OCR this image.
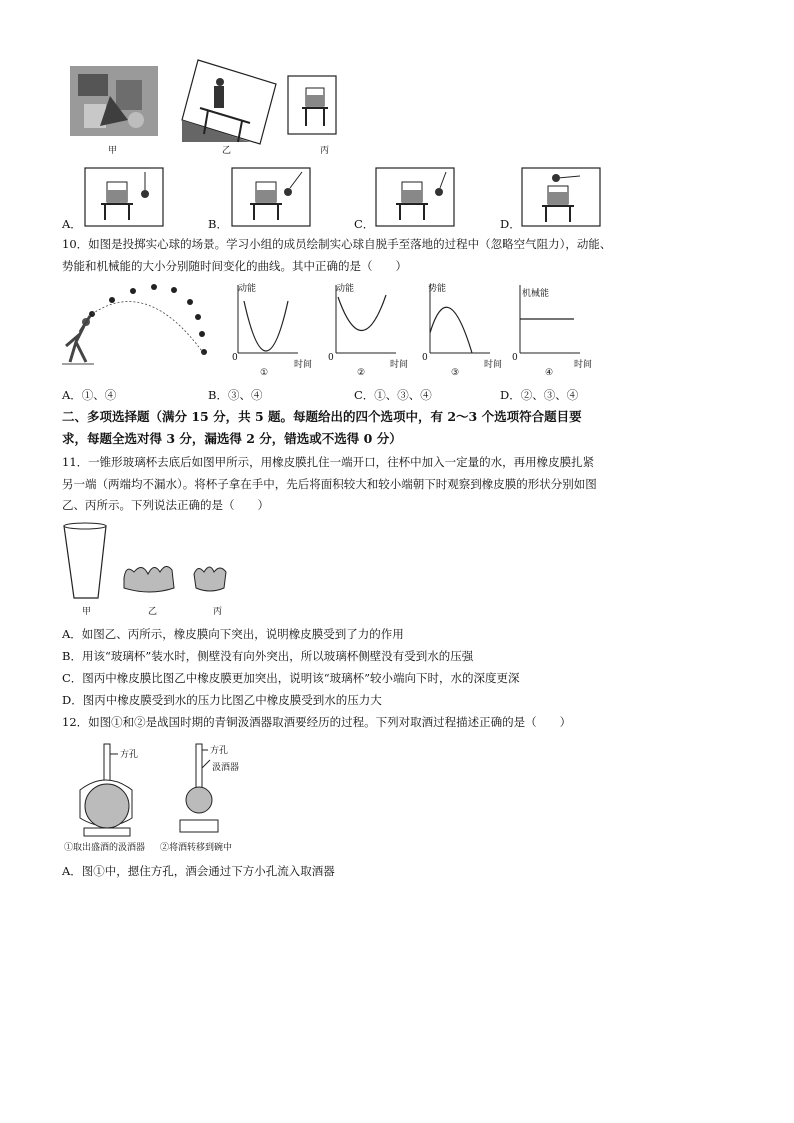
甲	乙	丙
A．	B．	C．	D．
10．如图是投掷实心球的场景。学习小组的成员绘制实心球自脱手至落地的过程中（忽略空气阻力），动能、
势能和机械能的大小分别随时间变化的曲线。其中正确的是（　　）
动能
0
时间
①
动能
0
时间
②
势能
0
时间
③
机械能
0
时间
④
A．①、④	B．③、④	C．①、③、④	D．②、③、④
二、多项选择题（满分 15 分，共 5 题。每题给出的四个选项中，有 2～3 个选项符合题目要
求，每题全选对得 3 分，漏选得 2 分，错选或不选得 0 分）
11．一锥形玻璃杯去底后如图甲所示，用橡皮膜扎住一端开口，往杯中加入一定量的水，再用橡皮膜扎紧
另一端（两端均不漏水）。将杯子拿在手中，先后将面积较大和较小端朝下时观察到橡皮膜的形状分别如图
乙、丙所示。下列说法正确的是（　　）
甲	乙	丙
A．如图乙、丙所示，橡皮膜向下突出，说明橡皮膜受到了力的作用
B．用该“玻璃杯”装水时，侧壁没有向外突出，所以玻璃杯侧壁没有受到水的压强
C．图丙中橡皮膜比图乙中橡皮膜更加突出，说明该“玻璃杯”较小端向下时，水的深度更深
D．图丙中橡皮膜受到水的压力比图乙中橡皮膜受到水的压力大
12．如图①和②是战国时期的青铜汲酒器取酒要经历的过程。下列对取酒过程描述正确的是（　　）
方孔	方孔
汲酒器
①取出盛酒的汲酒器 ②将酒转移到碗中
A．图①中，摁住方孔，酒会通过下方小孔流入取酒器
